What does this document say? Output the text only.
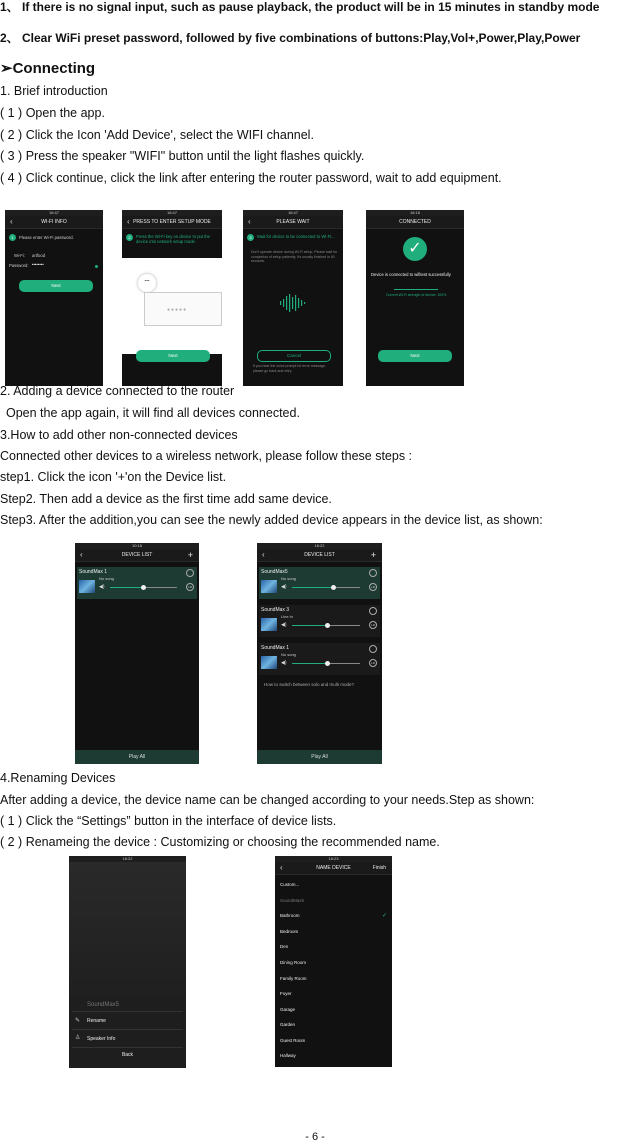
1、 If there is no signal input, such as pause playback, the product will be in 15 minutes in standby mode
2、 Clear WiFi preset password, followed by five combinations of buttons:Play,Vol+,Power,Play,Power
➢Connecting
1. Brief introduction
( 1 ) Open the app.
( 2 ) Click the Icon 'Add Device', select the WIFI channel.
( 3 ) Press the speaker "WIFI" button until the light flashes quickly.
( 4 ) Click continue, click the link after entering the router password, wait to add equipment.
16:47
‹	WI-FI INFO
1	Please enter Wi-Fi password.
Wi-Fi: artfood
Password: ••••••••
Next
16:47
‹ PRESS TO ENTER SETUP MODE
2	Press the Wi-Fi key on device to put the device into network setup mode.
⌔
●●●●●
Next
16:47
‹	PLEASE WAIT
3	Wait for device to be connected to Wi-Fi...
Don't operate device during Wi-Fi setup. Please wait for completion of setup patiently, it's usually finished in 60 seconds.
Cancel
If you hear the voice prompt for error message, please go back and retry.
16:16
CONNECTED
✓
Device is connected to wifitest successfully
Current Wi-Fi strength of device: 100%
Next
2. Adding a device connected to the router
Open the app again, it will find all devices connected.
3.How to add other non-connected devices
Connected other devices to a wireless network, please follow these steps :
step1. Click the icon '+'on the Device list.
Step2. Then add a device as the first time add same device.
Step3. After the addition,you can see the newly added device appears in the device list, as shown:
10:16
‹	DEVICE LIST	+
SoundMax 1
No song
◀)	LR
Play All
16:22
‹	DEVICE LIST	+
SoundMax5
No song
◀)	LR
SoundMax 3
Line in
◀)	LR
SoundMax 1
No song
◀)	LR
How to switch between solo and multi mode?
Play All
4.Renaming Devices
After adding a device, the device name can be changed according to your needs.Step as shown:
( 1 ) Click the “Settings” button in the interface of device lists.
( 2 ) Renameing the device : Customizing or choosing the recommended name.
16:22
SoundMax5
✎ Rename
♙ Speaker Info
Back
16:23
‹	NAME DEVICE	Finish
Custom...
SoundMax5
Bathroom	✓
Bedroom
Den
Dining Room
Family Room
Foyer
Garage
Garden
Guest Room
Hallway
- 6 -
